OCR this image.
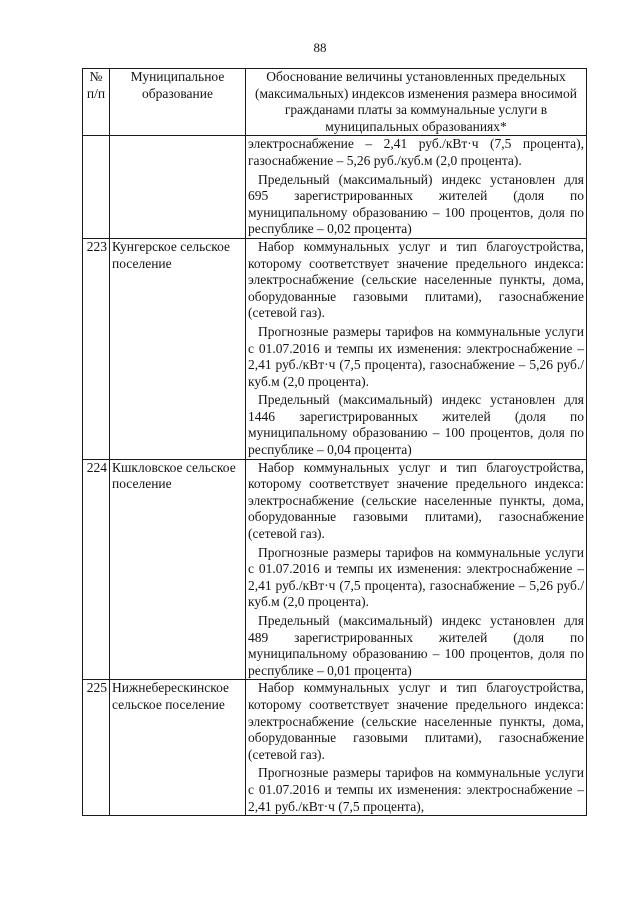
88
№ п/п	Муниципальное образование	Обоснование величины установленных предельных (максимальных) индексов изменения размера вносимой гражданами платы за коммунальные услуги в муниципальных образованиях*

		электроснабжение – 2,41 руб./кВт·ч (7,5 процента), газоснабжение – 5,26 руб./куб.м (2,0 процента).
Предельный (максимальный) индекс установлен для 695 зарегистрированных жителей (доля по муниципальному образованию – 100 процентов, доля по республике – 0,02 процента)

223	Кунгерское сельское поселение	Набор коммунальных услуг и тип благоустройства, которому соответствует значение предельного индекса: электроснабжение (сельские населенные пункты, дома, оборудованные газовыми плитами), газоснабжение (сетевой газ).
Прогнозные размеры тарифов на коммунальные услуги с 01.07.2016 и темпы их изменения: электроснабжение – 2,41 руб./кВт·ч (7,5 процента), газоснабжение – 5,26 руб./куб.м (2,0 процента).
Предельный (максимальный) индекс установлен для 1446 зарегистрированных жителей (доля по муниципальному образованию – 100 процентов, доля по республике – 0,04 процента)

224	Кшкловское сельское поселение	Набор коммунальных услуг и тип благоустройства, которому соответствует значение предельного индекса: электроснабжение (сельские населенные пункты, дома, оборудованные газовыми плитами), газоснабжение (сетевой газ).
Прогнозные размеры тарифов на коммунальные услуги с 01.07.2016 и темпы их изменения: электроснабжение – 2,41 руб./кВт·ч (7,5 процента), газоснабжение – 5,26 руб./куб.м (2,0 процента).
Предельный (максимальный) индекс установлен для 489 зарегистрированных жителей (доля по муниципальному образованию – 100 процентов, доля по республике – 0,01 процента)

225	Нижнеберескинское сельское поселение	Набор коммунальных услуг и тип благоустройства, которому соответствует значение предельного индекса: электроснабжение (сельские населенные пункты, дома, оборудованные газовыми плитами), газоснабжение (сетевой газ).
Прогнозные размеры тарифов на коммунальные услуги с 01.07.2016 и темпы их изменения: электроснабжение – 2,41 руб./кВт·ч (7,5 процента),
